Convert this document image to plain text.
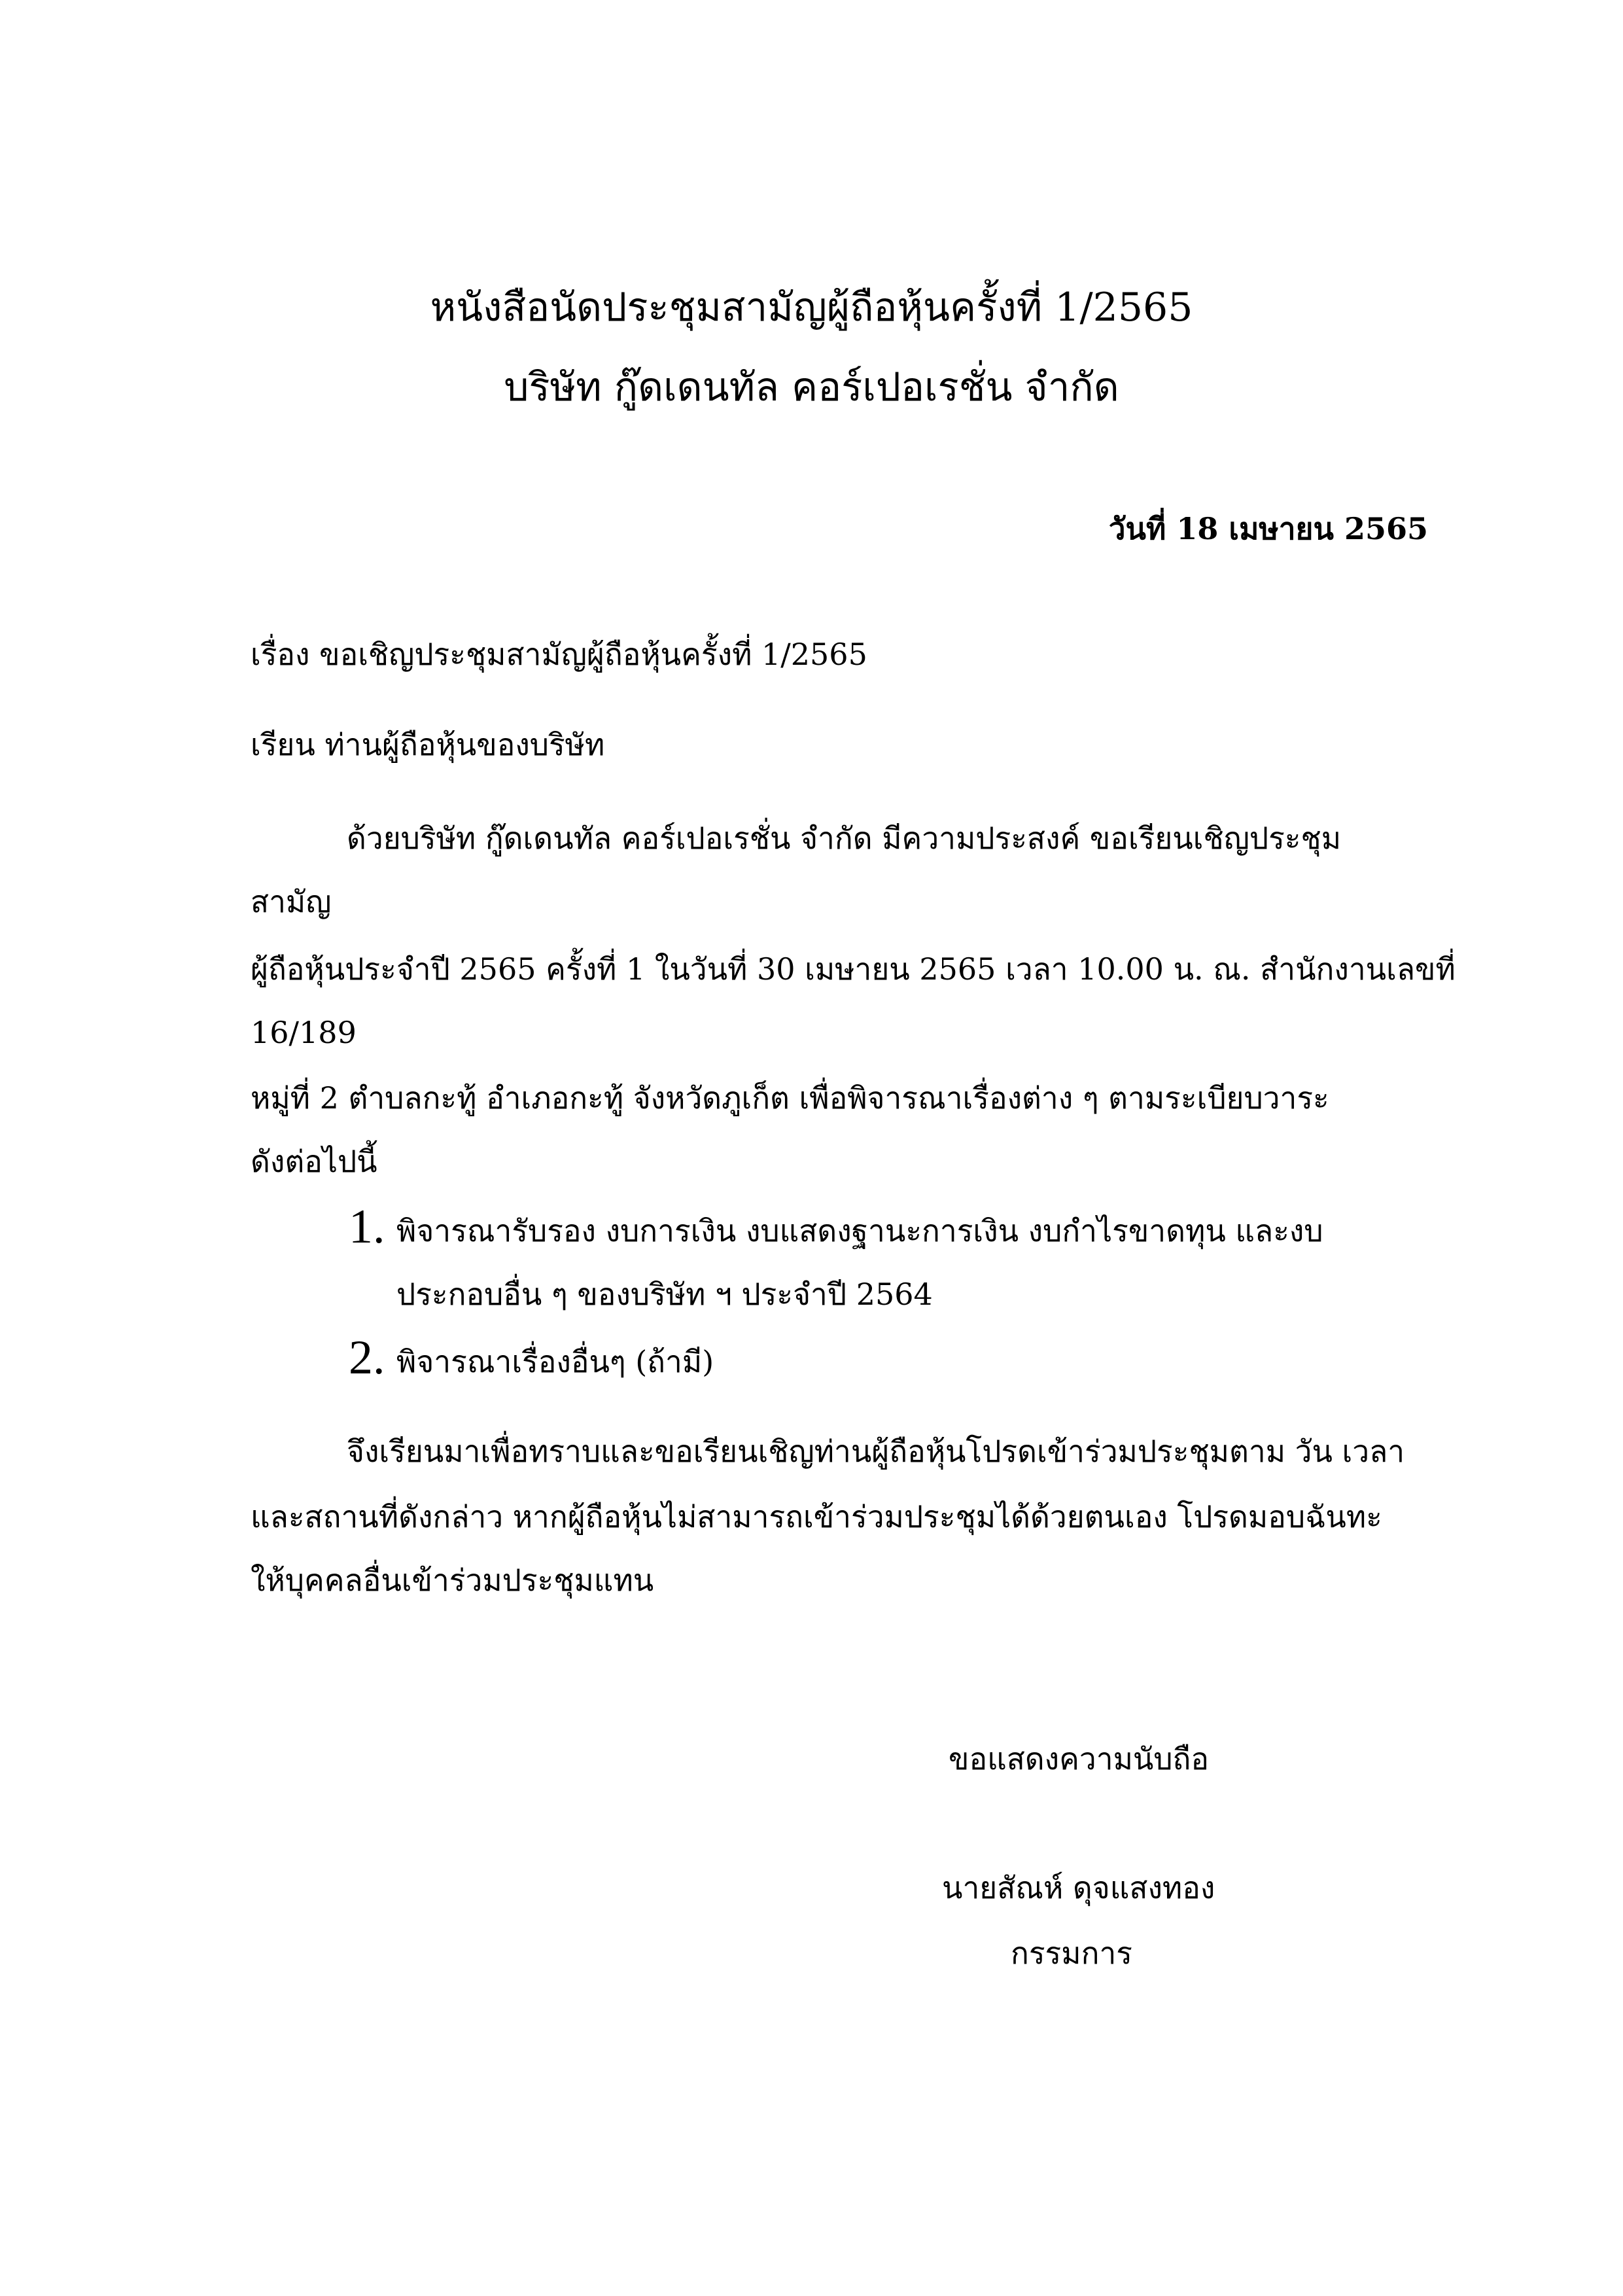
หนังสือนัดประชุมสามัญผู้ถือหุ้นครั้งที่ 1/2565
บริษัท กู๊ดเดนทัล คอร์เปอเรชั่น จำกัด
วันที่ 18 เมษายน 2565
เรื่อง ขอเชิญประชุมสามัญผู้ถือหุ้นครั้งที่ 1/2565
เรียน ท่านผู้ถือหุ้นของบริษัท
ด้วยบริษัท กู๊ดเดนทัล คอร์เปอเรชั่น จำกัด มีความประสงค์ ขอเรียนเชิญประชุม
สามัญ
ผู้ถือหุ้นประจำปี 2565 ครั้งที่ 1 ในวันที่ 30 เมษายน 2565 เวลา 10.00 น. ณ. สำนักงานเลขที่
16/189
หมู่ที่ 2 ตำบลกะทู้ อำเภอกะทู้ จังหวัดภูเก็ต เพื่อพิจารณาเรื่องต่าง ๆ ตามระเบียบวาระ
ดังต่อไปนี้
1. พิจารณารับรอง งบการเงิน งบแสดงฐานะการเงิน งบกำไรขาดทุน และงบ
ประกอบอื่น ๆ ของบริษัท ฯ ประจำปี 2564
2. พิจารณาเรื่องอื่นๆ (ถ้ามี)
จึงเรียนมาเพื่อทราบและขอเรียนเชิญท่านผู้ถือหุ้นโปรดเข้าร่วมประชุมตาม วัน เวลา
และสถานที่ดังกล่าว หากผู้ถือหุ้นไม่สามารถเข้าร่วมประชุมได้ด้วยตนเอง โปรดมอบฉันทะ
ให้บุคคลอื่นเข้าร่วมประชุมแทน
ขอแสดงความนับถือ
นายสัณห์ ดุจแสงทอง
กรรมการ
